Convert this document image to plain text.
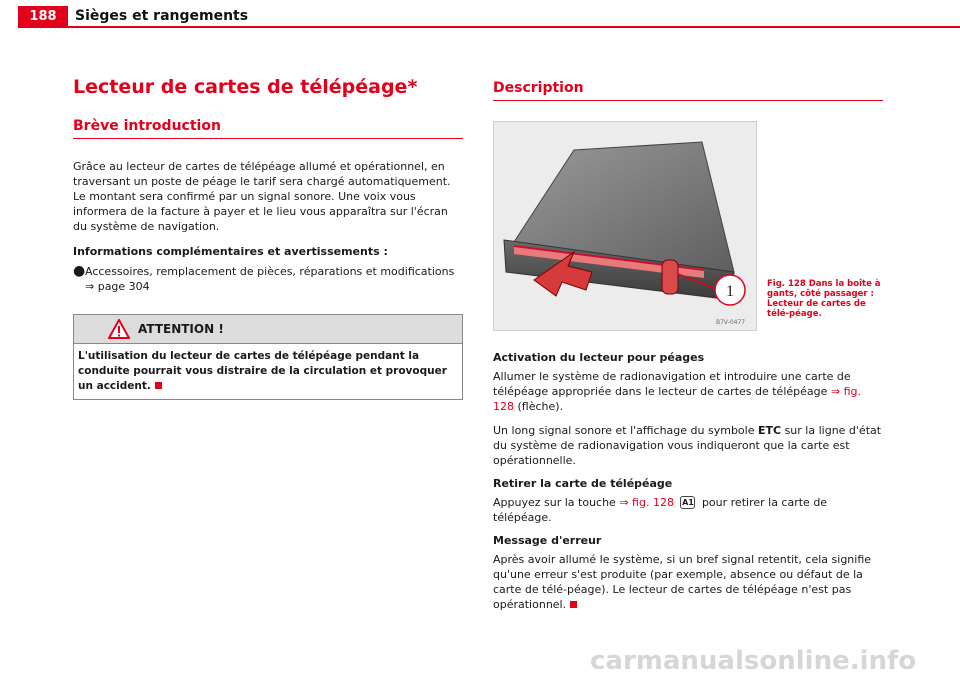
188	Sièges et rangements
Lecteur de cartes de télépéage*
Brève introduction

Grâce au lecteur de cartes de télépéage allumé et opérationnel, en traversant un poste de péage le tarif sera chargé automatiquement. Le montant sera confirmé par un signal sonore. Une voix vous informera de la facture à payer et le lieu vous apparaîtra sur l'écran du système de navigation.

Informations complémentaires et avertissements :
● Accessoires, remplacement de pièces, réparations et modifications
⇒ page 304
ATTENTION !
L'utilisation du lecteur de cartes de télépéage pendant la conduite pourrait vous distraire de la circulation et provoquer un accident.
Description
1
B7V-0477
Fig. 128 Dans la boîte à gants, côté passager : Lecteur de cartes de télé-péage.
Activation du lecteur pour péages

Allumer le système de radionavigation et introduire une carte de télépéage appropriée dans le lecteur de cartes de télépéage ⇒ fig. 128 (flèche).

Un long signal sonore et l'affichage du symbole ETC sur la ligne d'état du système de radionavigation vous indiqueront que la carte est opérationnelle.

Retirer la carte de télépéage

Appuyez sur la touche ⇒ fig. 128 A1 pour retirer la carte de télépéage.

Message d'erreur

Après avoir allumé le système, si un bref signal retentit, cela signifie qu'une erreur s'est produite (par exemple, absence ou défaut de la carte de télé-péage). Le lecteur de cartes de télépéage n'est pas opérationnel.

carmanualsonline.info
